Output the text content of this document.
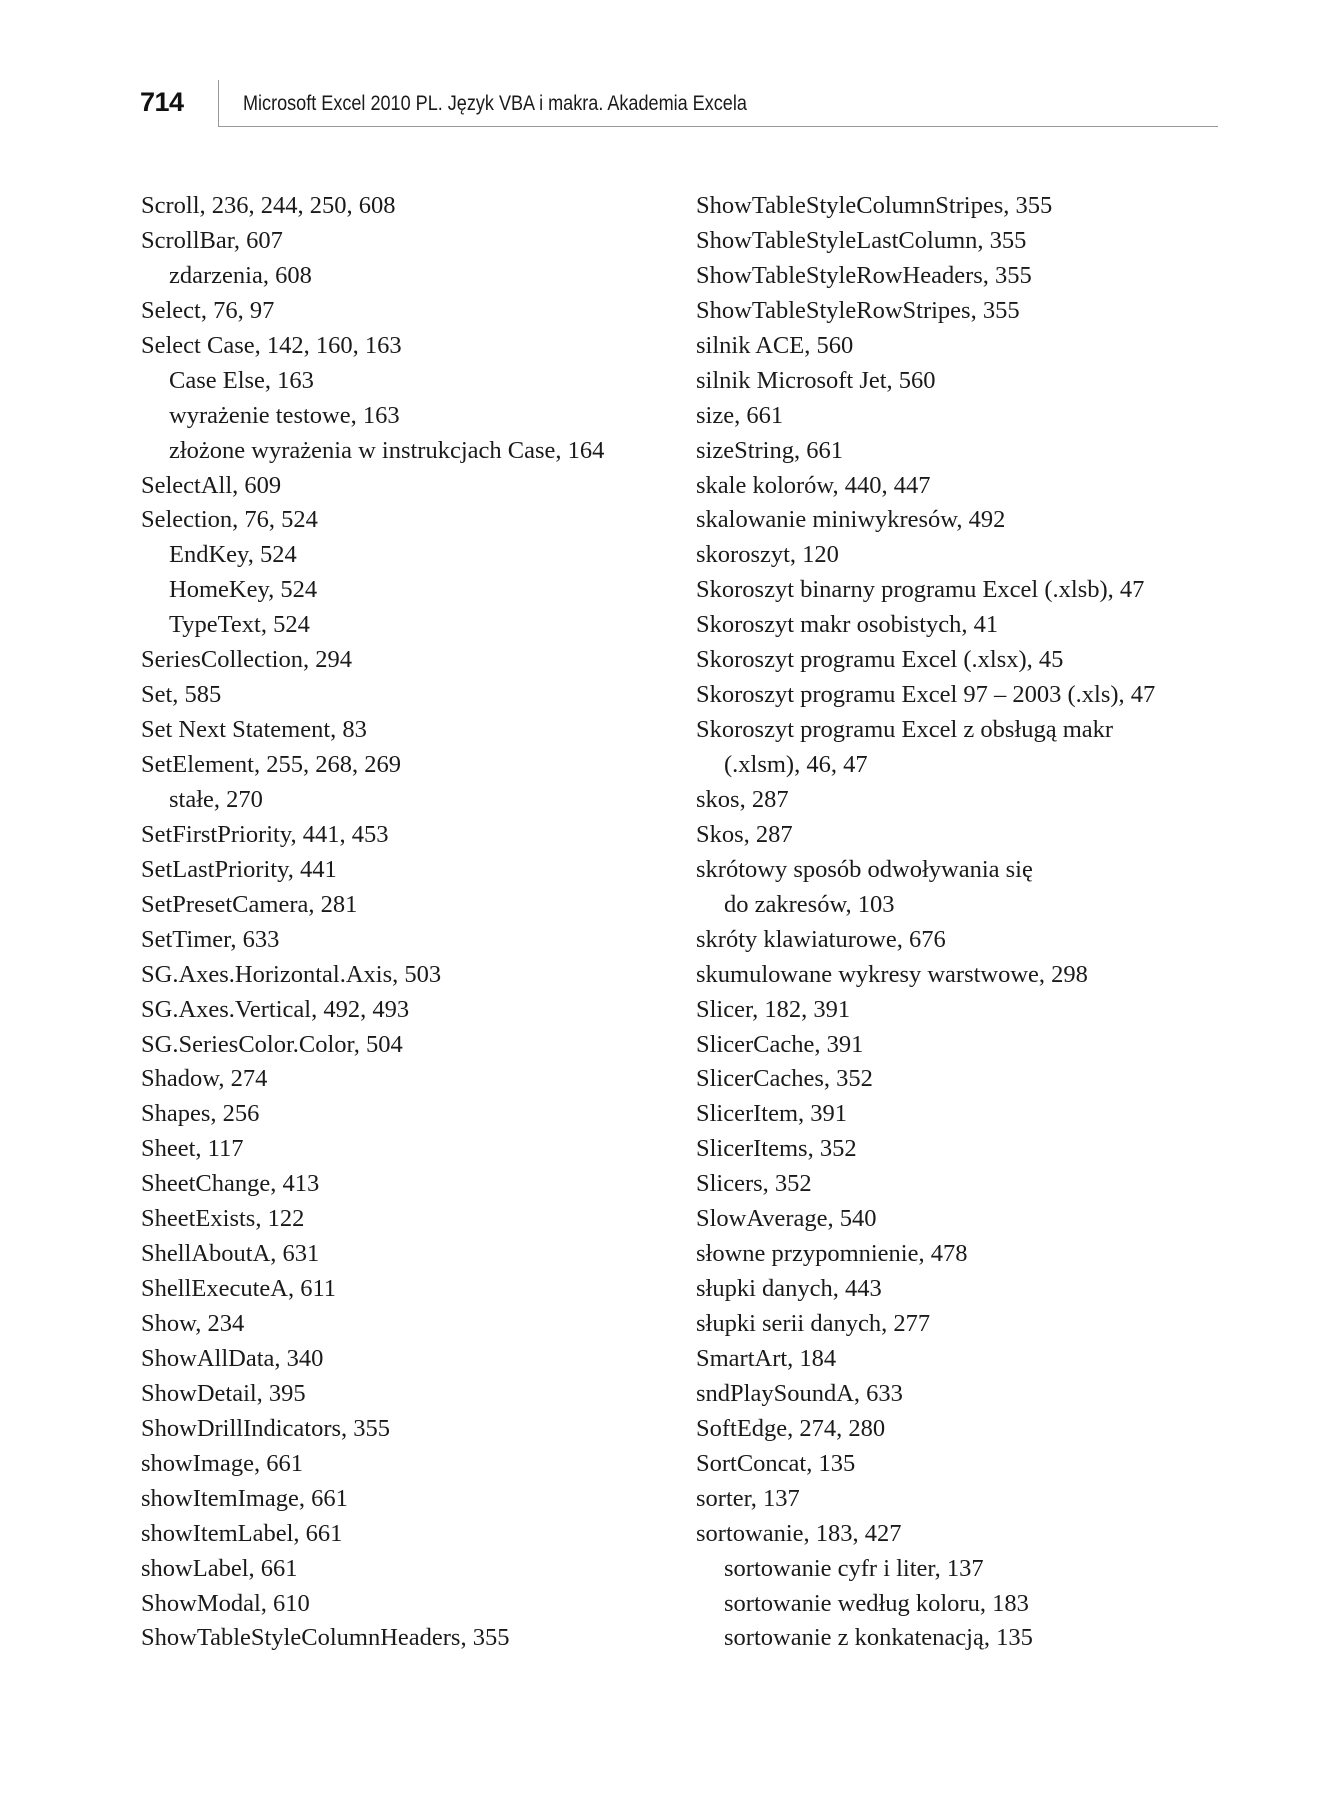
714	Microsoft Excel 2010 PL. Język VBA i makra. Akademia Excela
Scroll, 236, 244, 250, 608
ScrollBar, 607
zdarzenia, 608
Select, 76, 97
Select Case, 142, 160, 163
Case Else, 163
wyrażenie testowe, 163
złożone wyrażenia w instrukcjach Case, 164
SelectAll, 609
Selection, 76, 524
EndKey, 524
HomeKey, 524
TypeText, 524
SeriesCollection, 294
Set, 585
Set Next Statement, 83
SetElement, 255, 268, 269
stałe, 270
SetFirstPriority, 441, 453
SetLastPriority, 441
SetPresetCamera, 281
SetTimer, 633
SG.Axes.Horizontal.Axis, 503
SG.Axes.Vertical, 492, 493
SG.SeriesColor.Color, 504
Shadow, 274
Shapes, 256
Sheet, 117
SheetChange, 413
SheetExists, 122
ShellAboutA, 631
ShellExecuteA, 611
Show, 234
ShowAllData, 340
ShowDetail, 395
ShowDrillIndicators, 355
showImage, 661
showItemImage, 661
showItemLabel, 661
showLabel, 661
ShowModal, 610
ShowTableStyleColumnHeaders, 355
ShowTableStyleColumnStripes, 355
ShowTableStyleLastColumn, 355
ShowTableStyleRowHeaders, 355
ShowTableStyleRowStripes, 355
silnik ACE, 560
silnik Microsoft Jet, 560
size, 661
sizeString, 661
skale kolorów, 440, 447
skalowanie miniwykresów, 492
skoroszyt, 120
Skoroszyt binarny programu Excel (.xlsb), 47
Skoroszyt makr osobistych, 41
Skoroszyt programu Excel (.xlsx), 45
Skoroszyt programu Excel 97 – 2003 (.xls), 47
Skoroszyt programu Excel z obsługą makr
(.xlsm), 46, 47
skos, 287
Skos, 287
skrótowy sposób odwoływania się
do zakresów, 103
skróty klawiaturowe, 676
skumulowane wykresy warstwowe, 298
Slicer, 182, 391
SlicerCache, 391
SlicerCaches, 352
SlicerItem, 391
SlicerItems, 352
Slicers, 352
SlowAverage, 540
słowne przypomnienie, 478
słupki danych, 443
słupki serii danych, 277
SmartArt, 184
sndPlaySoundA, 633
SoftEdge, 274, 280
SortConcat, 135
sorter, 137
sortowanie, 183, 427
sortowanie cyfr i liter, 137
sortowanie według koloru, 183
sortowanie z konkatenacją, 135
